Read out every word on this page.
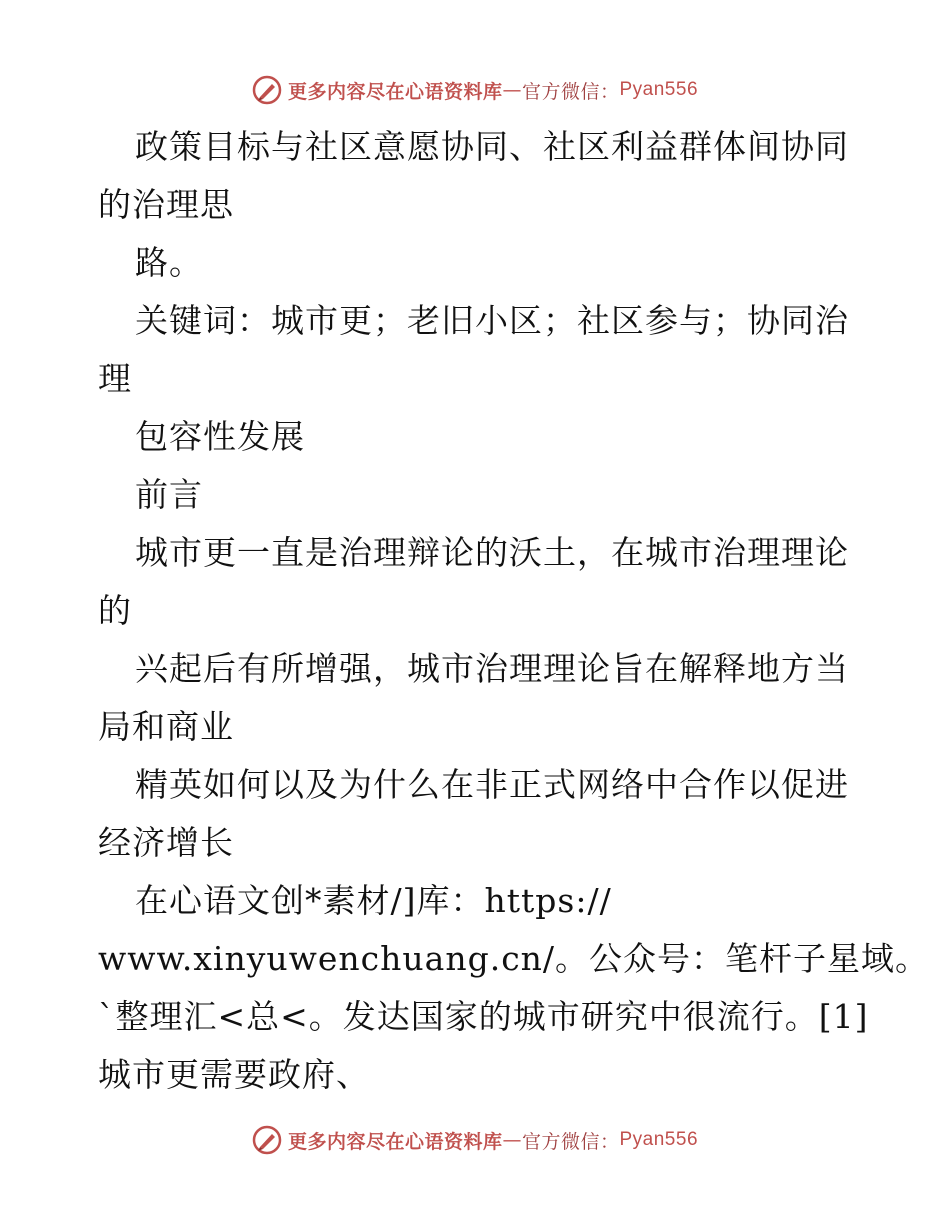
更多内容尽在心语资料库 — 官方微信： Pyan556
政策目标与社区意愿协同、社区利益群体间协同
的治理思
路。
关键词：城市更；老旧小区；社区参与；协同治
理
包容性发展
前言
城市更一直是治理辩论的沃土，在城市治理理论
的
兴起后有所增强，城市治理理论旨在解释地方当
局和商业
精英如何以及为什么在非正式网络中合作以促进
经济增长
在心语文创*素材/]库：https://
www.xinyuwenchuang.cn/。公众号：笔杆子星域。
`整理汇<总<。发达国家的城市研究中很流行。[1]
城市更需要政府、
更多内容尽在心语资料库 — 官方微信： Pyan556
